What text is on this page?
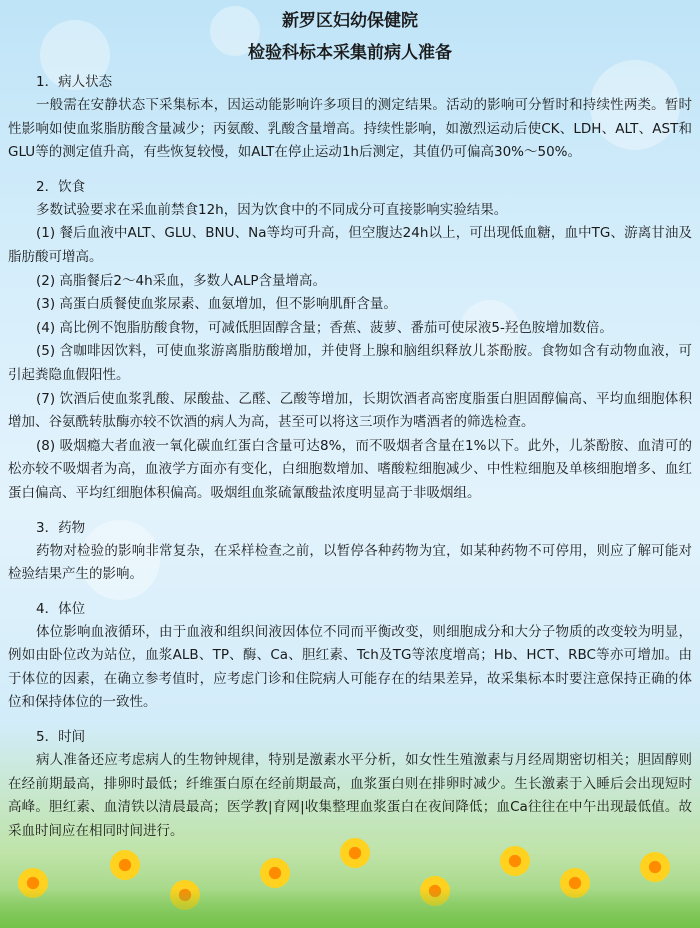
新罗区妇幼保健院
检验科标本采集前病人准备
1．病人状态

一般需在安静状态下采集标本，因运动能影响许多项目的测定结果。活动的影响可分暂时和持续性两类。暂时性影响如使血浆脂肪酸含量减少；丙氨酸、乳酸含量增高。持续性影响，如激烈运动后使CK、LDH、ALT、AST和GLU等的测定值升高，有些恢复较慢，如ALT在停止运动1h后测定，其值仍可偏高30%～50%。

2．饮食

多数试验要求在采血前禁食12h，因为饮食中的不同成分可直接影响实验结果。

(1) 餐后血液中ALT、GLU、BNU、Na等均可升高，但空腹达24h以上，可出现低血糖，血中TG、游离甘油及脂肪酸可增高。

(2) 高脂餐后2～4h采血，多数人ALP含量增高。

(3) 高蛋白质餐使血浆尿素、血氨增加，但不影响肌酐含量。

(4) 高比例不饱脂肪酸食物，可减低胆固醇含量；香蕉、菠萝、番茄可使尿液5-羟色胺增加数倍。

(5) 含咖啡因饮料，可使血浆游离脂肪酸增加，并使肾上腺和脑组织释放儿茶酚胺。食物如含有动物血液，可引起粪隐血假阳性。

(7) 饮酒后使血浆乳酸、尿酸盐、乙醛、乙酸等增加，长期饮酒者高密度脂蛋白胆固醇偏高、平均血细胞体积增加、谷氨酰转肽酶亦较不饮酒的病人为高，甚至可以将这三项作为嗜酒者的筛选检查。

(8) 吸烟瘾大者血液一氧化碳血红蛋白含量可达8%，而不吸烟者含量在1%以下。此外，儿茶酚胺、血清可的松亦较不吸烟者为高，血液学方面亦有变化，白细胞数增加、嗜酸粒细胞减少、中性粒细胞及单核细胞增多、血红蛋白偏高、平均红细胞体积偏高。吸烟组血浆硫氰酸盐浓度明显高于非吸烟组。

3．药物

药物对检验的影响非常复杂，在采样检查之前，以暂停各种药物为宜，如某种药物不可停用，则应了解可能对检验结果产生的影响。

4．体位

体位影响血液循环，由于血液和组织间液因体位不同而平衡改变，则细胞成分和大分子物质的改变较为明显，例如由卧位改为站位，血浆ALB、TP、酶、Ca、胆红素、Tch及TG等浓度增高；Hb、HCT、RBC等亦可增加。由于体位的因素，在确立参考值时，应考虑门诊和住院病人可能存在的结果差异，故采集标本时要注意保持正确的体位和保持体位的一致性。

5．时间

病人准备还应考虑病人的生物钟规律，特别是激素水平分析，如女性生殖激素与月经周期密切相关；胆固醇则在经前期最高，排卵时最低；纤维蛋白原在经前期最高，血浆蛋白则在排卵时减少。生长激素于入睡后会出现短时高峰。胆红素、血清铁以清晨最高；医学教|育网|收集整理血浆蛋白在夜间降低；血Ca往往在中午出现最低值。故采血时间应在相同时间进行。
